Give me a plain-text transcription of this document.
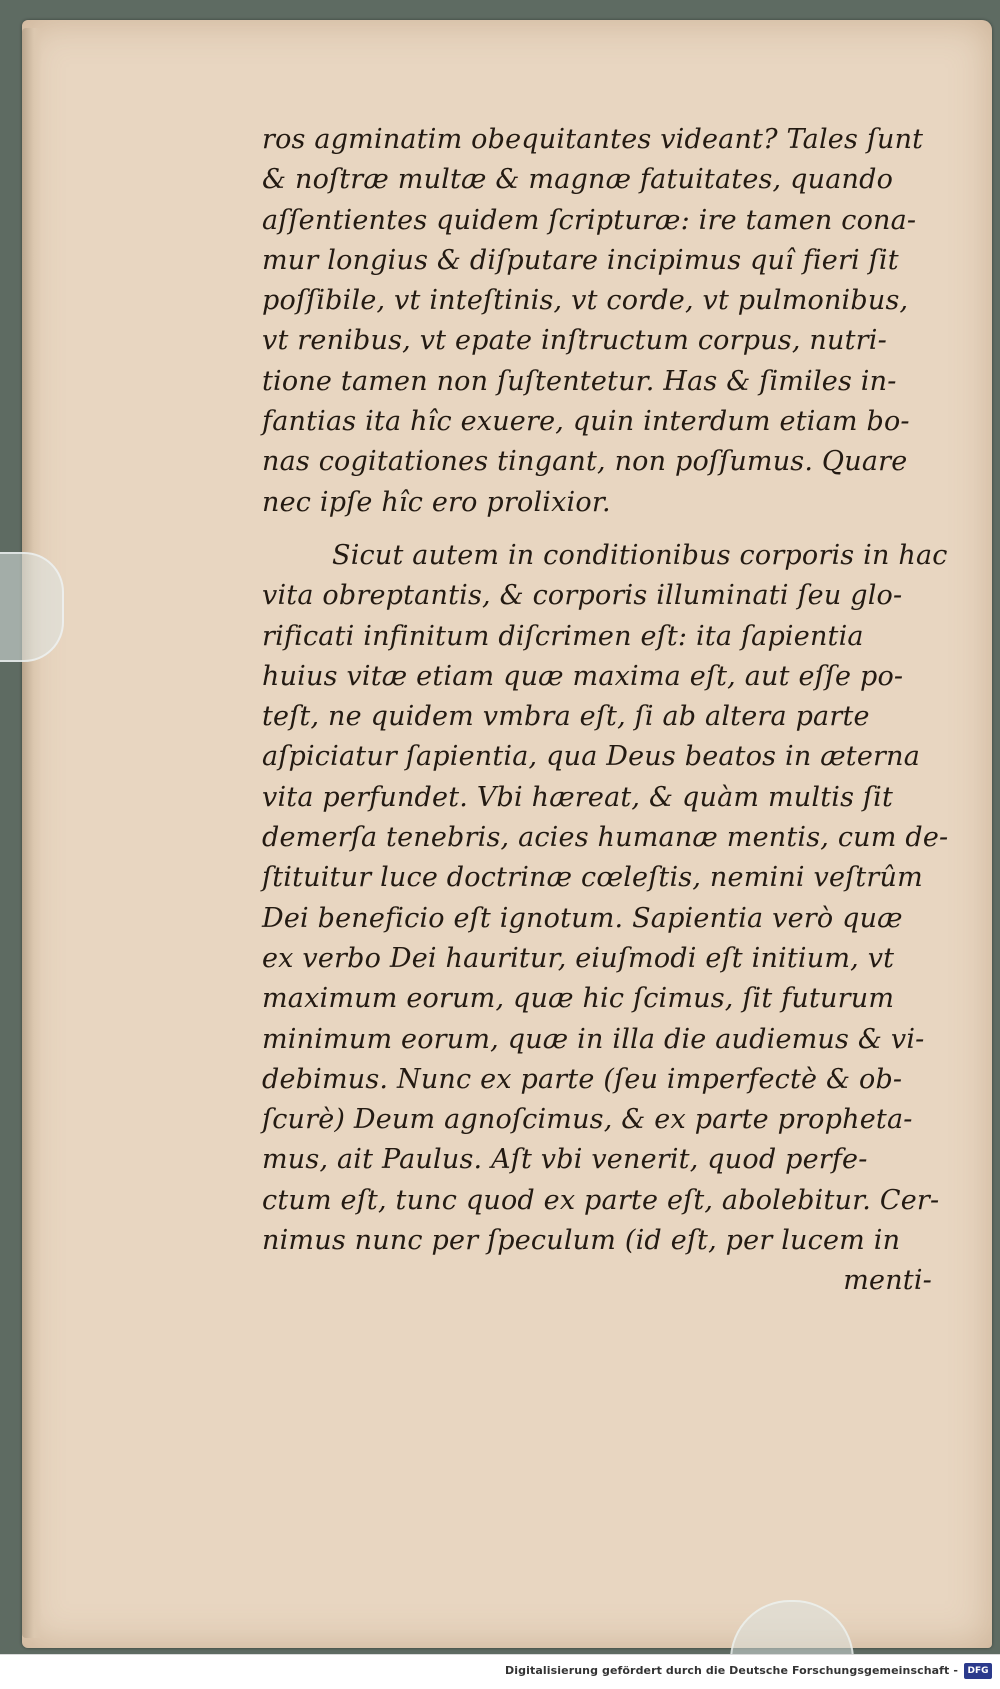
ros agminatim obequitantes videant? Tales ſunt
& noſtræ multæ & magnæ fatuitates, quando
aſſentientes quidem ſcripturæ: ire tamen cona-
mur longius & diſputare incipimus quî fieri ſit
poſſibile, vt inteſtinis, vt corde, vt pulmonibus,
vt renibus, vt epate inſtructum corpus, nutri-
tione tamen non ſuſtentetur. Has & ſimiles in-
fantias ita hîc exuere, quin interdum etiam bo-
nas cogitationes tingant, non poſſumus. Quare
nec ipſe hîc ero prolixior.
Sicut autem in conditionibus corporis in hac
vita obreptantis, & corporis illuminati ſeu glo-
rificati infinitum diſcrimen eſt: ita ſapientia
huius vitæ etiam quæ maxima eſt, aut eſſe po-
teſt, ne quidem vmbra eſt, ſi ab altera parte
aſpiciatur ſapientia, qua Deus beatos in æterna
vita perfundet. Vbi hæreat, & quàm multis ſit
demerſa tenebris, acies humanæ mentis, cum de-
ſtituitur luce doctrinæ cœleſtis, nemini veſtrûm
Dei beneficio eſt ignotum. Sapientia verò quæ
ex verbo Dei hauritur, eiuſmodi eſt initium, vt
maximum eorum, quæ hic ſcimus, ſit futurum
minimum eorum, quæ in illa die audiemus & vi-
debimus. Nunc ex parte (ſeu imperfectè & ob-
ſcurè) Deum agnoſcimus, & ex parte propheta-
mus, ait Paulus. Aſt vbi venerit, quod perfe-
ctum eſt, tunc quod ex parte eſt, abolebitur. Cer-
nimus nunc per ſpeculum (id eſt, per lucem in
menti-
Digitalisierung gefördert durch die Deutsche Forschungsgemeinschaft -	DFG
